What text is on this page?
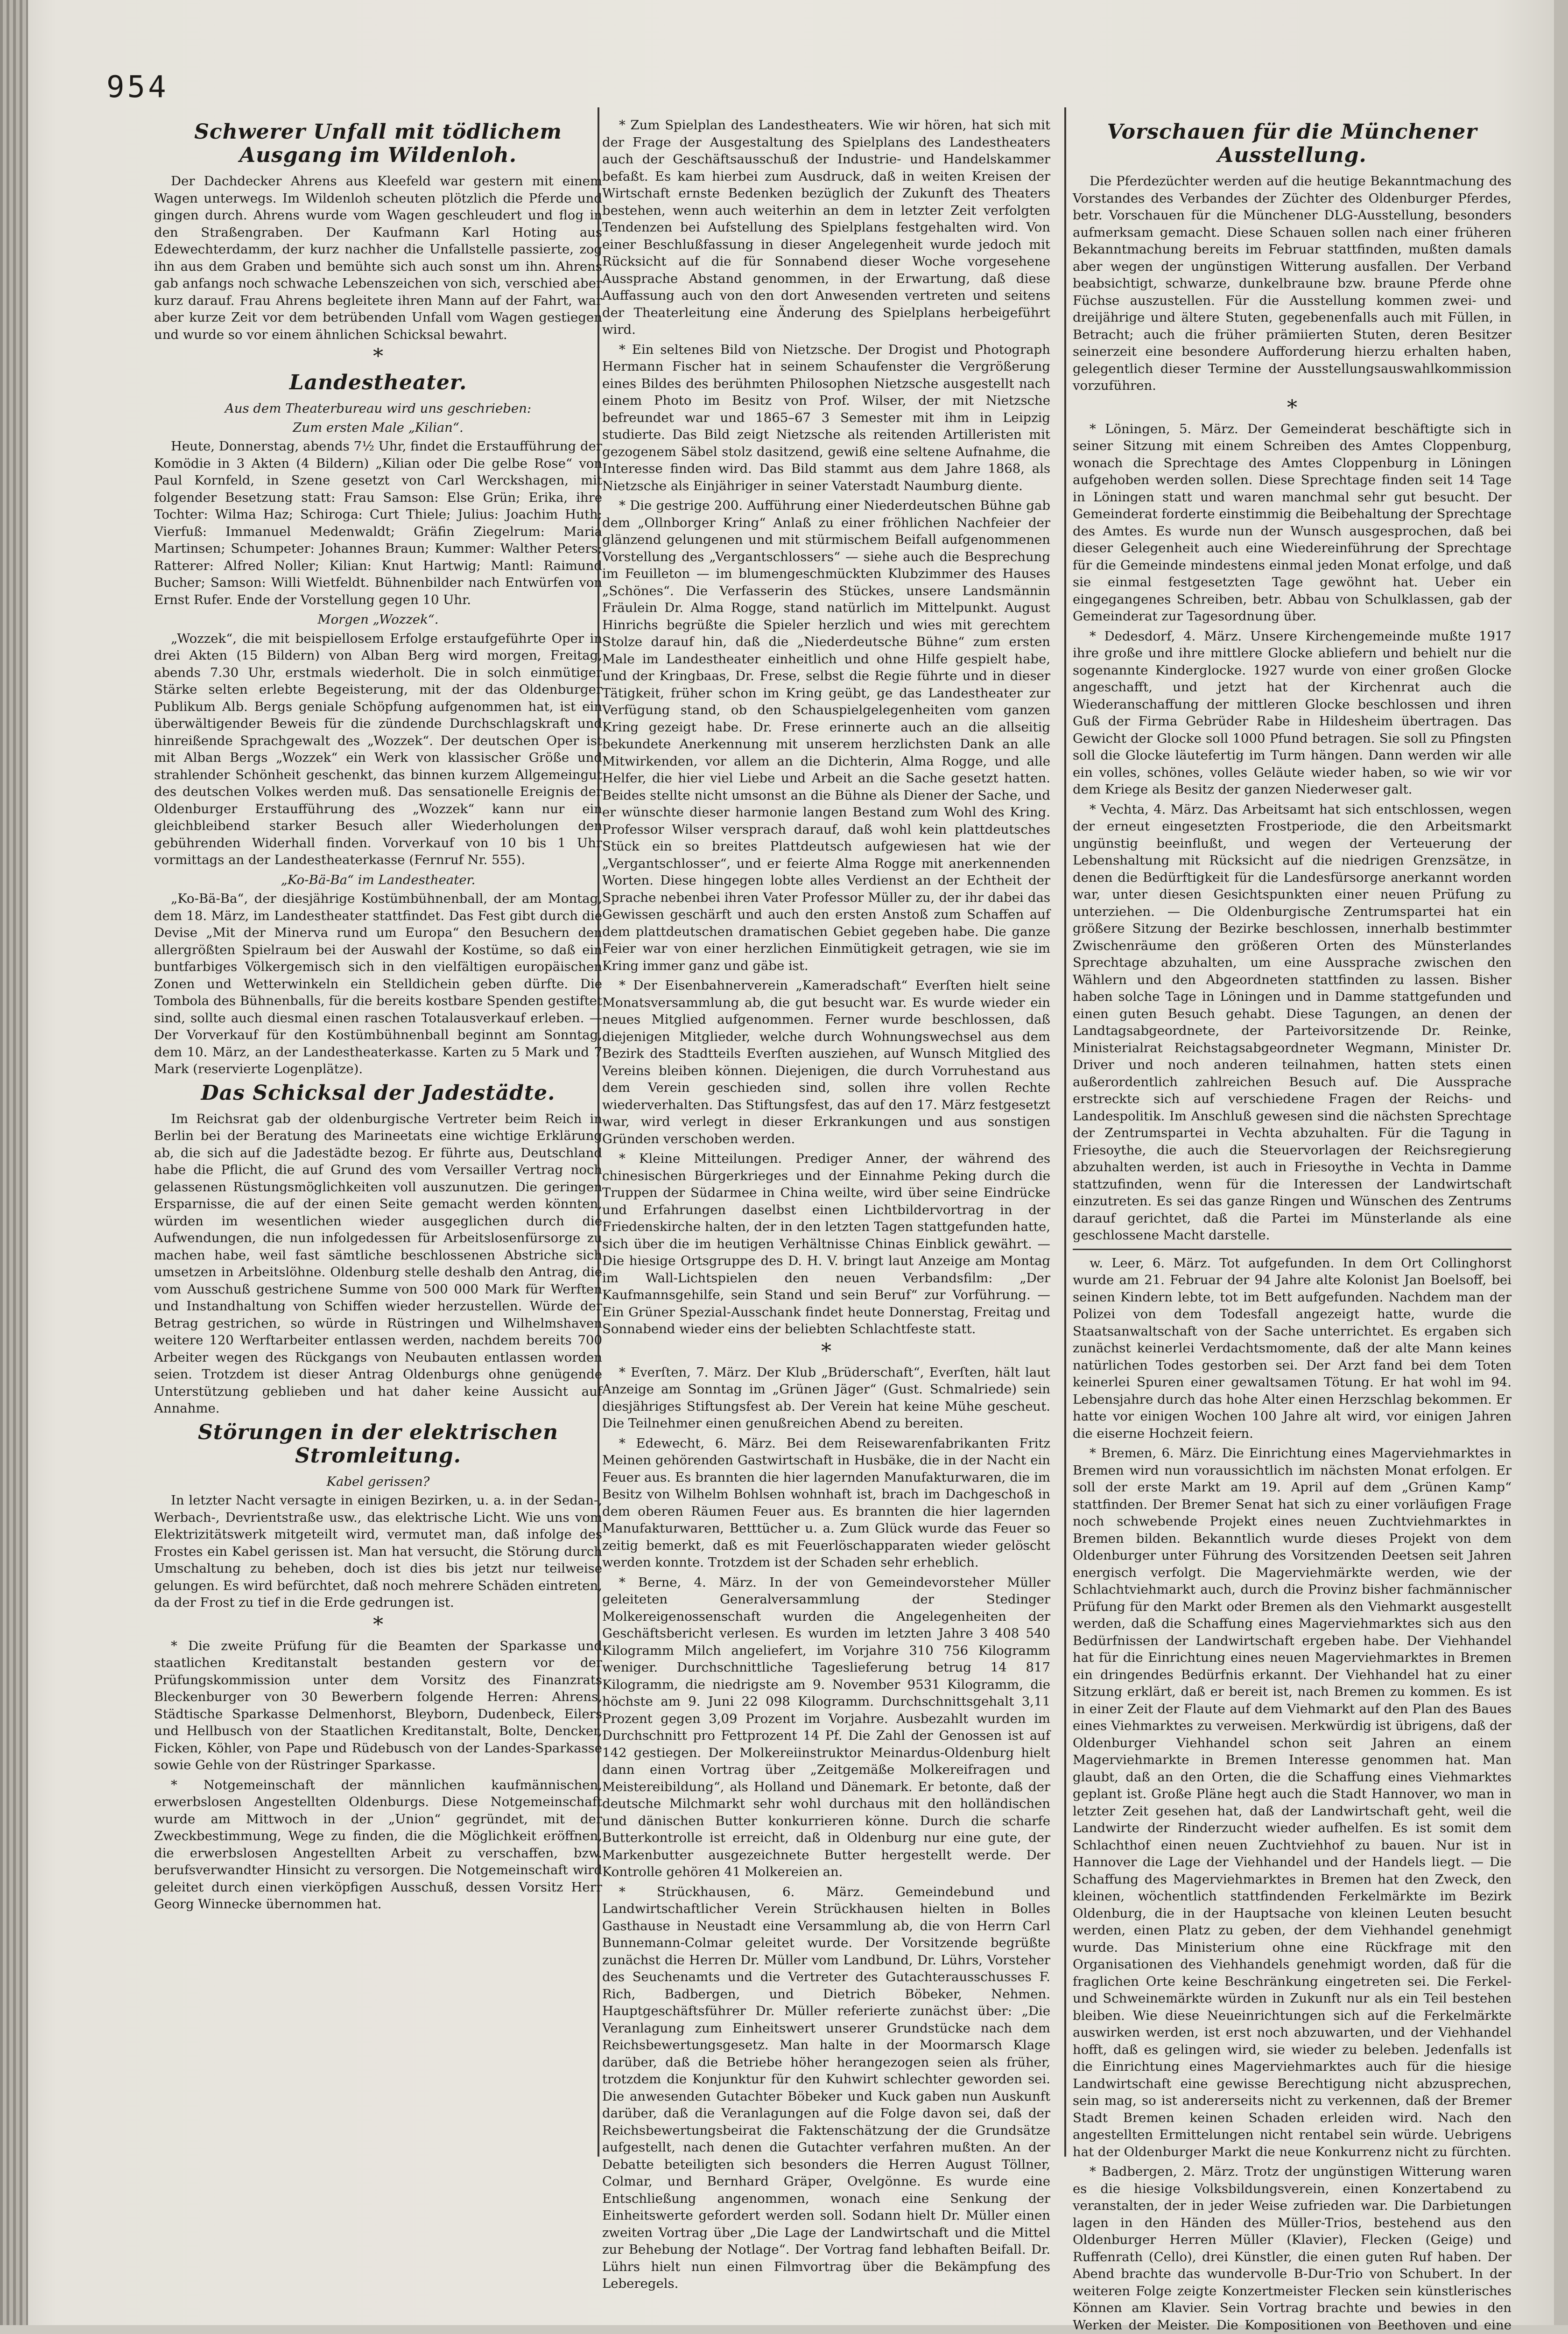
954
Schwerer Unfall mit tödlichem Ausgang im Wildenloh.

Der Dachdecker Ahrens aus Kleefeld war gestern mit einem Wagen unterwegs. Im Wildenloh scheuten plötzlich die Pferde und gingen durch. Ahrens wurde vom Wagen geschleudert und flog in den Straßengraben. Der Kaufmann Karl Hoting aus Edewechterdamm, der kurz nachher die Unfallstelle passierte, zog ihn aus dem Graben und bemühte sich auch sonst um ihn. Ahrens gab anfangs noch schwache Lebenszeichen von sich, verschied aber kurz darauf. Frau Ahrens begleitete ihren Mann auf der Fahrt, war aber kurze Zeit vor dem betrübenden Unfall vom Wagen gestiegen und wurde so vor einem ähnlichen Schicksal bewahrt.

*
Landestheater.
Aus dem Theaterbureau wird uns geschrieben:
Zum ersten Male „Kilian“.

Heute, Donnerstag, abends 7½ Uhr, findet die Erstaufführung der Komödie in 3 Akten (4 Bildern) „Kilian oder Die gelbe Rose“ von Paul Kornfeld, in Szene gesetzt von Carl Werckshagen, mit folgender Besetzung statt: Frau Samson: Else Grün; Erika, ihre Tochter: Wilma Haz; Schiroga: Curt Thiele; Julius: Joachim Huth; Vierfuß: Immanuel Medenwaldt; Gräfin Ziegelrum: Maria Martinsen; Schumpeter: Johannes Braun; Kummer: Walther Peters; Ratterer: Alfred Noller; Kilian: Knut Hartwig; Mantl: Raimund Bucher; Samson: Willi Wietfeldt. Bühnenbilder nach Entwürfen von Ernst Rufer. Ende der Vorstellung gegen 10 Uhr.

Morgen „Wozzek“.

„Wozzek“, die mit beispiellosem Erfolge erstaufgeführte Oper in drei Akten (15 Bildern) von Alban Berg wird morgen, Freitag, abends 7.30 Uhr, erstmals wiederholt. Die in solch einmütiger Stärke selten erlebte Begeisterung, mit der das Oldenburger Publikum Alb. Bergs geniale Schöpfung aufgenommen hat, ist ein überwältigender Beweis für die zündende Durchschlagskraft und hinreißende Sprachgewalt des „Wozzek“. Der deutschen Oper ist mit Alban Bergs „Wozzek“ ein Werk von klassischer Größe und strahlender Schönheit geschenkt, das binnen kurzem Allgemeingut des deutschen Volkes werden muß. Das sensationelle Ereignis der Oldenburger Erstaufführung des „Wozzek“ kann nur ein gleichbleibend starker Besuch aller Wiederholungen den gebührenden Widerhall finden. Vorverkauf von 10 bis 1 Uhr vormittags an der Landestheaterkasse (Fernruf Nr. 555).

„Ko-Bä-Ba“ im Landestheater.

„Ko-Bä-Ba“, der diesjährige Kostümbühnenball, der am Montag, dem 18. März, im Landestheater stattfindet. Das Fest gibt durch die Devise „Mit der Minerva rund um Europa“ den Besuchern den allergrößten Spielraum bei der Auswahl der Kostüme, so daß ein buntfarbiges Völkergemisch sich in den vielfältigen europäischen Zonen und Wetterwinkeln ein Stelldichein geben dürfte. Die Tombola des Bühnenballs, für die bereits kostbare Spenden gestiftet sind, sollte auch diesmal einen raschen Totalausverkauf erleben. — Der Vorverkauf für den Kostümbühnenball beginnt am Sonntag, dem 10. März, an der Landestheaterkasse. Karten zu 5 Mark und 7 Mark (reservierte Logenplätze).

Das Schicksal der Jadestädte.

Im Reichsrat gab der oldenburgische Vertreter beim Reich in Berlin bei der Beratung des Marineetats eine wichtige Erklärung ab, die sich auf die Jadestädte bezog. Er führte aus, Deutschland habe die Pflicht, die auf Grund des vom Versailler Vertrag noch gelassenen Rüstungsmöglichkeiten voll auszunutzen. Die geringen Ersparnisse, die auf der einen Seite gemacht werden könnten, würden im wesentlichen wieder ausgeglichen durch die Aufwendungen, die nun infolgedessen für Arbeitslosenfürsorge zu machen habe, weil fast sämtliche beschlossenen Abstriche sich umsetzen in Arbeitslöhne. Oldenburg stelle deshalb den Antrag, die vom Ausschuß gestrichene Summe von 500 000 Mark für Werften und Instandhaltung von Schiffen wieder herzustellen. Würde der Betrag gestrichen, so würde in Rüstringen und Wilhelmshaven weitere 120 Werftarbeiter entlassen werden, nachdem bereits 700 Arbeiter wegen des Rückgangs von Neubauten entlassen worden seien. Trotzdem ist dieser Antrag Oldenburgs ohne genügende Unterstützung geblieben und hat daher keine Aussicht auf Annahme.

Störungen in der elektrischen Stromleitung.
Kabel gerissen?

In letzter Nacht versagte in einigen Bezirken, u. a. in der Sedan-, Werbach-, Devrientstraße usw., das elektrische Licht. Wie uns vom Elektrizitätswerk mitgeteilt wird, vermutet man, daß infolge des Frostes ein Kabel gerissen ist. Man hat versucht, die Störung durch Umschaltung zu beheben, doch ist dies bis jetzt nur teilweise gelungen. Es wird befürchtet, daß noch mehrere Schäden eintreten, da der Frost zu tief in die Erde gedrungen ist.

*

* Die zweite Prüfung für die Beamten der Sparkasse und staatlichen Kreditanstalt bestanden gestern vor der Prüfungskommission unter dem Vorsitz des Finanzrats Bleckenburger von 30 Bewerbern folgende Herren: Ahrens, Städtische Sparkasse Delmenhorst, Bleyborn, Dudenbeck, Eilers und Hellbusch von der Staatlichen Kreditanstalt, Bolte, Dencker, Ficken, Köhler, von Pape und Rüdebusch von der Landes-Sparkasse sowie Gehle von der Rüstringer Sparkasse.

* Notgemeinschaft der männlichen kaufmännischen, erwerbslosen Angestellten Oldenburgs. Diese Notgemeinschaft wurde am Mittwoch in der „Union“ gegründet, mit der Zweckbestimmung, Wege zu finden, die die Möglichkeit eröffnen, die erwerbslosen Angestellten Arbeit zu verschaffen, bzw. berufsverwandter Hinsicht zu versorgen. Die Notgemeinschaft wird geleitet durch einen vierköpfigen Ausschuß, dessen Vorsitz Herr Georg Winnecke übernommen hat.

* Zum Spielplan des Landestheaters. Wie wir hören, hat sich mit der Frage der Ausgestaltung des Spielplans des Landestheaters auch der Geschäftsausschuß der Industrie- und Handelskammer befaßt. Es kam hierbei zum Ausdruck, daß in weiten Kreisen der Wirtschaft ernste Bedenken bezüglich der Zukunft des Theaters bestehen, wenn auch weiterhin an dem in letzter Zeit verfolgten Tendenzen bei Aufstellung des Spielplans festgehalten wird. Von einer Beschlußfassung in dieser Angelegenheit wurde jedoch mit Rücksicht auf die für Sonnabend dieser Woche vorgesehene Aussprache Abstand genommen, in der Erwartung, daß diese Auffassung auch von den dort Anwesenden vertreten und seitens der Theaterleitung eine Änderung des Spielplans herbeigeführt wird.

* Ein seltenes Bild von Nietzsche. Der Drogist und Photograph Hermann Fischer hat in seinem Schaufenster die Vergrößerung eines Bildes des berühmten Philosophen Nietzsche ausgestellt nach einem Photo im Besitz von Prof. Wilser, der mit Nietzsche befreundet war und 1865–67 3 Semester mit ihm in Leipzig studierte. Das Bild zeigt Nietzsche als reitenden Artilleristen mit gezogenem Säbel stolz dasitzend, gewiß eine seltene Aufnahme, die Interesse finden wird. Das Bild stammt aus dem Jahre 1868, als Nietzsche als Einjähriger in seiner Vaterstadt Naumburg diente.

* Die gestrige 200. Aufführung einer Niederdeutschen Bühne gab dem „Ollnborger Kring“ Anlaß zu einer fröhlichen Nachfeier der glänzend gelungenen und mit stürmischem Beifall aufgenommenen Vorstellung des „Vergantschlossers“ — siehe auch die Besprechung im Feuilleton — im blumengeschmückten Klubzimmer des Hauses „Schönes“. Die Verfasserin des Stückes, unsere Landsmännin Fräulein Dr. Alma Rogge, stand natürlich im Mittelpunkt. August Hinrichs begrüßte die Spieler herzlich und wies mit gerechtem Stolze darauf hin, daß die „Niederdeutsche Bühne“ zum ersten Male im Landestheater einheitlich und ohne Hilfe gespielt habe, und der Kringbaas, Dr. Frese, selbst die Regie führte und in dieser Tätigkeit, früher schon im Kring geübt, ge das Landestheater zur Verfügung stand, ob den Schauspielgelegenheiten vom ganzen Kring gezeigt habe. Dr. Frese erinnerte auch an die allseitig bekundete Anerkennung mit unserem herzlichsten Dank an alle Mitwirkenden, vor allem an die Dichterin, Alma Rogge, und alle Helfer, die hier viel Liebe und Arbeit an die Sache gesetzt hatten. Beides stellte nicht umsonst an die Bühne als Diener der Sache, und er wünschte dieser harmonie langen Bestand zum Wohl des Kring. Professor Wilser versprach darauf, daß wohl kein plattdeutsches Stück ein so breites Plattdeutsch aufgewiesen hat wie der „Vergantschlosser“, und er feierte Alma Rogge mit anerkennenden Worten. Diese hingegen lobte alles Verdienst an der Echtheit der Sprache nebenbei ihren Vater Professor Müller zu, der ihr dabei das Gewissen geschärft und auch den ersten Anstoß zum Schaffen auf dem plattdeutschen dramatischen Gebiet gegeben habe. Die ganze Feier war von einer herzlichen Einmütigkeit getragen, wie sie im Kring immer ganz und gäbe ist.

* Der Eisenbahnerverein „Kameradschaft“ Everſten hielt seine Monatsversammlung ab, die gut besucht war. Es wurde wieder ein neues Mitglied aufgenommen. Ferner wurde beschlossen, daß diejenigen Mitglieder, welche durch Wohnungswechsel aus dem Bezirk des Stadtteils Everſten ausziehen, auf Wunsch Mitglied des Vereins bleiben können. Diejenigen, die durch Vorruhestand aus dem Verein geschieden sind, sollen ihre vollen Rechte wiederverhalten. Das Stiftungsfest, das auf den 17. März festgesetzt war, wird verlegt in dieser Erkrankungen und aus sonstigen Gründen verschoben werden.

* Kleine Mitteilungen. Prediger Anner, der während des chinesischen Bürgerkrieges und der Einnahme Peking durch die Truppen der Südarmee in China weilte, wird über seine Eindrücke und Erfahrungen daselbst einen Lichtbildervortrag in der Friedenskirche halten, der in den letzten Tagen stattgefunden hatte, sich über die im heutigen Verhältnisse Chinas Einblick gewährt. — Die hiesige Ortsgruppe des D. H. V. bringt laut Anzeige am Montag im Wall-Lichtspielen den neuen Verbandsfilm: „Der Kaufmannsgehilfe, sein Stand und sein Beruf“ zur Vorführung. — Ein Grüner Spezial-Ausschank findet heute Donnerstag, Freitag und Sonnabend wieder eins der beliebten Schlachtfeste statt.

*

* Everſten, 7. März. Der Klub „Brüderschaft“, Everſten, hält laut Anzeige am Sonntag im „Grünen Jäger“ (Gust. Schmalriede) sein diesjähriges Stiftungsfest ab. Der Verein hat keine Mühe gescheut. Die Teilnehmer einen genußreichen Abend zu bereiten.

* Edewecht, 6. März. Bei dem Reisewarenfabrikanten Fritz Meinen gehörenden Gastwirtschaft in Husbäke, die in der Nacht ein Feuer aus. Es brannten die hier lagernden Manufakturwaren, die im Besitz von Wilhelm Bohlsen wohnhaft ist, brach im Dachgeschoß in dem oberen Räumen Feuer aus. Es brannten die hier lagernden Manufakturwaren, Betttücher u. a. Zum Glück wurde das Feuer so zeitig bemerkt, daß es mit Feuerlöschapparaten wieder gelöscht werden konnte. Trotzdem ist der Schaden sehr erheblich.

* Berne, 4. März. In der von Gemeindevorsteher Müller geleiteten Generalversammlung der Stedinger Molkereigenossenschaft wurden die Angelegenheiten der Geschäftsbericht verlesen. Es wurden im letzten Jahre 3 408 540 Kilogramm Milch angeliefert, im Vorjahre 310 756 Kilogramm weniger. Durchschnittliche Tageslieferung betrug 14 817 Kilogramm, die niedrigste am 9. November 9531 Kilogramm, die höchste am 9. Juni 22 098 Kilogramm. Durchschnittsgehalt 3,11 Prozent gegen 3,09 Prozent im Vorjahre. Ausbezahlt wurden im Durchschnitt pro Fettprozent 14 Pf. Die Zahl der Genossen ist auf 142 gestiegen. Der Molkereiinstruktor Meinardus-Oldenburg hielt dann einen Vortrag über „Zeitgemäße Molkereifragen und Meistereibildung“, als Holland und Dänemark. Er betonte, daß der deutsche Milchmarkt sehr wohl durchaus mit den holländischen und dänischen Butter konkurrieren könne. Durch die scharfe Butterkontrolle ist erreicht, daß in Oldenburg nur eine gute, der Markenbutter ausgezeichnete Butter hergestellt werde. Der Kontrolle gehören 41 Molkereien an.

* Strückhausen, 6. März. Gemeindebund und Landwirtschaftlicher Verein Strückhausen hielten in Bolles Gasthause in Neustadt eine Versammlung ab, die von Herrn Carl Bunnemann-Colmar geleitet wurde. Der Vorsitzende begrüßte zunächst die Herren Dr. Müller vom Landbund, Dr. Lührs, Vorsteher des Seuchenamts und die Vertreter des Gutachterausschusses F. Rich, Badbergen, und Dietrich Böbeker, Nehmen. Hauptgeschäftsführer Dr. Müller referierte zunächst über: „Die Veranlagung zum Einheitswert unserer Grundstücke nach dem Reichsbewertungsgesetz. Man halte in der Moormarsch Klage darüber, daß die Betriebe höher herangezogen seien als früher, trotzdem die Konjunktur für den Kuhwirt schlechter geworden sei. Die anwesenden Gutachter Böbeker und Kuck gaben nun Auskunft darüber, daß die Veranlagungen auf die Folge davon sei, daß der Reichsbewertungsbeirat die Faktenschätzung der die Grundsätze aufgestellt, nach denen die Gutachter verfahren mußten. An der Debatte beteiligten sich besonders die Herren August Töllner, Colmar, und Bernhard Gräper, Ovelgönne. Es wurde eine Entschließung angenommen, wonach eine Senkung der Einheitswerte gefordert werden soll. Sodann hielt Dr. Müller einen zweiten Vortrag über „Die Lage der Landwirtschaft und die Mittel zur Behebung der Notlage“. Der Vortrag fand lebhaften Beifall. Dr. Lührs hielt nun einen Filmvortrag über die Bekämpfung des Leberegels.

Vorschauen für die Münchener Ausstellung.

Die Pferdezüchter werden auf die heutige Bekanntmachung des Vorstandes des Verbandes der Züchter des Oldenburger Pferdes, betr. Vorschauen für die Münchener DLG-Ausstellung, besonders aufmerksam gemacht. Diese Schauen sollen nach einer früheren Bekanntmachung bereits im Februar stattfinden, mußten damals aber wegen der ungünstigen Witterung ausfallen. Der Verband beabsichtigt, schwarze, dunkelbraune bzw. braune Pferde ohne Füchse auszustellen. Für die Ausstellung kommen zwei- und dreijährige und ältere Stuten, gegebenenfalls auch mit Füllen, in Betracht; auch die früher prämiierten Stuten, deren Besitzer seinerzeit eine besondere Aufforderung hierzu erhalten haben, gelegentlich dieser Termine der Ausstellungsauswahlkommission vorzuführen.

*

* Löningen, 5. März. Der Gemeinderat beschäftigte sich in seiner Sitzung mit einem Schreiben des Amtes Cloppenburg, wonach die Sprechtage des Amtes Cloppenburg in Löningen aufgehoben werden sollen. Diese Sprechtage finden seit 14 Tage in Löningen statt und waren manchmal sehr gut besucht. Der Gemeinderat forderte einstimmig die Beibehaltung der Sprechtage des Amtes. Es wurde nun der Wunsch ausgesprochen, daß bei dieser Gelegenheit auch eine Wiedereinführung der Sprechtage für die Gemeinde mindestens einmal jeden Monat erfolge, und daß sie einmal festgesetzten Tage gewöhnt hat. Ueber ein eingegangenes Schreiben, betr. Abbau von Schulklassen, gab der Gemeinderat zur Tagesordnung über.

* Dedesdorf, 4. März. Unsere Kirchengemeinde mußte 1917 ihre große und ihre mittlere Glocke abliefern und behielt nur die sogenannte Kinderglocke. 1927 wurde von einer großen Glocke angeschafft, und jetzt hat der Kirchenrat auch die Wiederanschaffung der mittleren Glocke beschlossen und ihren Guß der Firma Gebrüder Rabe in Hildesheim übertragen. Das Gewicht der Glocke soll 1000 Pfund betragen. Sie soll zu Pfingsten soll die Glocke läutefertig im Turm hängen. Dann werden wir alle ein volles, schönes, volles Geläute wieder haben, so wie wir vor dem Kriege als Besitz der ganzen Niederweser galt.

* Vechta, 4. März. Das Arbeitsamt hat sich entschlossen, wegen der erneut eingesetzten Frostperiode, die den Arbeitsmarkt ungünstig beeinflußt, und wegen der Verteuerung der Lebenshaltung mit Rücksicht auf die niedrigen Grenzsätze, in denen die Bedürftigkeit für die Landesfürsorge anerkannt worden war, unter diesen Gesichtspunkten einer neuen Prüfung zu unterziehen. — Die Oldenburgische Zentrumspartei hat ein größere Sitzung der Bezirke beschlossen, innerhalb bestimmter Zwischenräume den größeren Orten des Münsterlandes Sprechtage abzuhalten, um eine Aussprache zwischen den Wählern und den Abgeordneten stattfinden zu lassen. Bisher haben solche Tage in Löningen und in Damme stattgefunden und einen guten Besuch gehabt. Diese Tagungen, an denen der Landtagsabgeordnete, der Parteivorsitzende Dr. Reinke, Ministerialrat Reichstagsabgeordneter Wegmann, Minister Dr. Driver und noch anderen teilnahmen, hatten stets einen außerordentlich zahlreichen Besuch auf. Die Aussprache erstreckte sich auf verschiedene Fragen der Reichs- und Landespolitik. Im Anschluß gewesen sind die nächsten Sprechtage der Zentrumspartei in Vechta abzuhalten. Für die Tagung in Friesoythe, die auch die Steuervorlagen der Reichsregierung abzuhalten werden, ist auch in Friesoythe in Vechta in Damme stattzufinden, wenn für die Interessen der Landwirtschaft einzutreten. Es sei das ganze Ringen und Wünschen des Zentrums darauf gerichtet, daß die Partei im Münsterlande als eine geschlossene Macht darstelle.

w. Leer, 6. März. Tot aufgefunden. In dem Ort Collinghorst wurde am 21. Februar der 94 Jahre alte Kolonist Jan Boelsoff, bei seinen Kindern lebte, tot im Bett aufgefunden. Nachdem man der Polizei von dem Todesfall angezeigt hatte, wurde die Staatsanwaltschaft von der Sache unterrichtet. Es ergaben sich zunächst keinerlei Verdachtsmomente, daß der alte Mann keines natürlichen Todes gestorben sei. Der Arzt fand bei dem Toten keinerlei Spuren einer gewaltsamen Tötung. Er hat wohl im 94. Lebensjahre durch das hohe Alter einen Herzschlag bekommen. Er hatte vor einigen Wochen 100 Jahre alt wird, vor einigen Jahren die eiserne Hochzeit feiern.

* Bremen, 6. März. Die Einrichtung eines Magerviehmarktes in Bremen wird nun voraussichtlich im nächsten Monat erfolgen. Er soll der erste Markt am 19. April auf dem „Grünen Kamp“ stattfinden. Der Bremer Senat hat sich zu einer vorläufigen Frage noch schwebende Projekt eines neuen Zuchtviehmarktes in Bremen bilden. Bekanntlich wurde dieses Projekt von dem Oldenburger unter Führung des Vorsitzenden Deetsen seit Jahren energisch verfolgt. Die Magerviehmärkte werden, wie der Schlachtviehmarkt auch, durch die Provinz bisher fachmännischer Prüfung für den Markt oder Bremen als den Viehmarkt ausgestellt werden, daß die Schaffung eines Magerviehmarktes sich aus den Bedürfnissen der Landwirtschaft ergeben habe. Der Viehhandel hat für die Einrichtung eines neuen Magerviehmarktes in Bremen ein dringendes Bedürfnis erkannt. Der Viehhandel hat zu einer Sitzung erklärt, daß er bereit ist, nach Bremen zu kommen. Es ist in einer Zeit der Flaute auf dem Viehmarkt auf den Plan des Baues eines Viehmarktes zu verweisen. Merkwürdig ist übrigens, daß der Oldenburger Viehhandel schon seit Jahren an einem Magerviehmarkte in Bremen Interesse genommen hat. Man glaubt, daß an den Orten, die die Schaffung eines Viehmarktes geplant ist. Große Pläne hegt auch die Stadt Hannover, wo man in letzter Zeit gesehen hat, daß der Landwirtschaft geht, weil die Landwirte der Rinderzucht wieder aufhelfen. Es ist somit dem Schlachthof einen neuen Zuchtviehhof zu bauen. Nur ist in Hannover die Lage der Viehhandel und der Handels liegt. — Die Schaffung des Magerviehmarktes in Bremen hat den Zweck, den kleinen, wöchentlich stattfindenden Ferkelmärkte im Bezirk Oldenburg, die in der Hauptsache von kleinen Leuten besucht werden, einen Platz zu geben, der dem Viehhandel genehmigt wurde. Das Ministerium ohne eine Rückfrage mit den Organisationen des Viehhandels genehmigt worden, daß für die fraglichen Orte keine Beschränkung eingetreten sei. Die Ferkel- und Schweinemärkte würden in Zukunft nur als ein Teil bestehen bleiben. Wie diese Neueinrichtungen sich auf die Ferkelmärkte auswirken werden, ist erst noch abzuwarten, und der Viehhandel hofft, daß es gelingen wird, sie wieder zu beleben. Jedenfalls ist die Einrichtung eines Magerviehmarktes auch für die hiesige Landwirtschaft eine gewisse Berechtigung nicht abzusprechen, sein mag, so ist andererseits nicht zu verkennen, daß der Bremer Stadt Bremen keinen Schaden erleiden wird. Nach den angestellten Ermittelungen nicht rentabel sein würde. Uebrigens hat der Oldenburger Markt die neue Konkurrenz nicht zu fürchten.

* Badbergen, 2. März. Trotz der ungünstigen Witterung waren es die hiesige Volksbildungsverein, einen Konzertabend zu veranstalten, der in jeder Weise zufrieden war. Die Darbietungen lagen in den Händen des Müller-Trios, bestehend aus den Oldenburger Herren Müller (Klavier), Flecken (Geige) und Ruffenrath (Cello), drei Künstler, die einen guten Ruf haben. Der Abend brachte das wundervolle B-Dur-Trio von Schubert. In der weiteren Folge zeigte Konzertmeister Flecken sein künstlerisches Können am Klavier. Sein Vortrag brachte und bewies in den Werken der Meister. Die Kompositionen von Beethoven und eine
